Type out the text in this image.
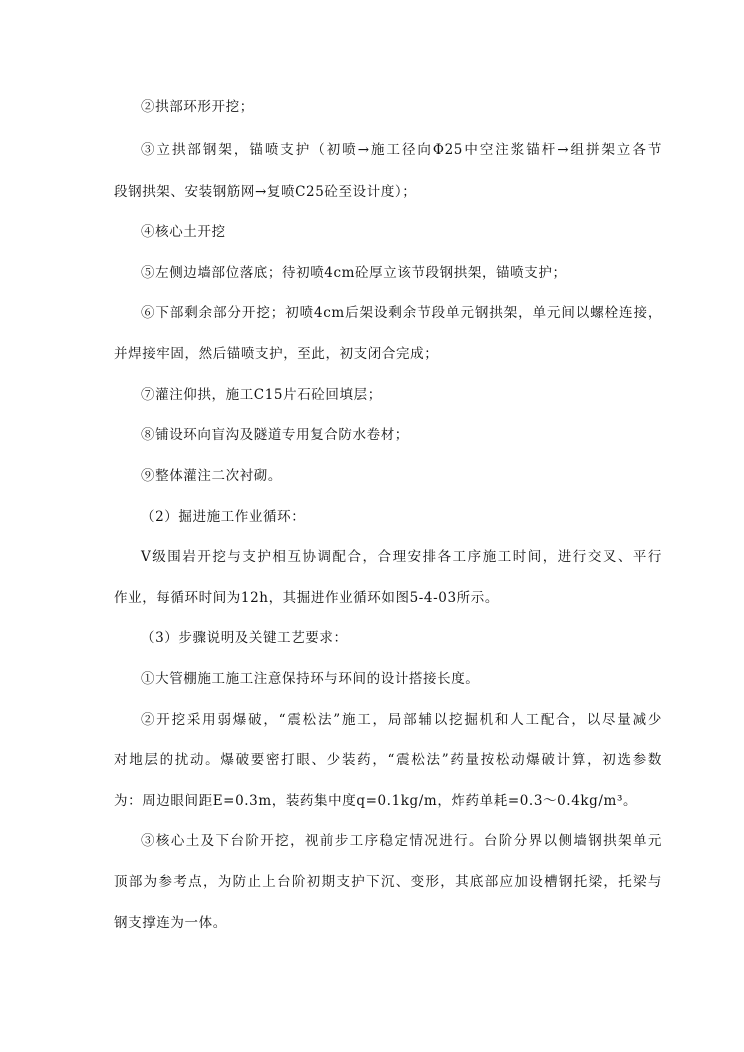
②拱部环形开挖；
③立拱部钢架，锚喷支护（初喷→施工径向Φ25中空注浆锚杆→组拼架立各节
段钢拱架、安装钢筋网→复喷C25砼至设计度）；
④核心土开挖
⑤左侧边墙部位落底；待初喷4cm砼厚立该节段钢拱架，锚喷支护；
⑥下部剩余部分开挖；初喷4cm后架设剩余节段单元钢拱架，单元间以螺栓连接，
并焊接牢固，然后锚喷支护，至此，初支闭合完成；
⑦灌注仰拱，施工C15片石砼回填层；
⑧铺设环向盲沟及隧道专用复合防水卷材；
⑨整体灌注二次衬砌。
（2）掘进施工作业循环：
Ⅴ级围岩开挖与支护相互协调配合，合理安排各工序施工时间，进行交叉、平行
作业，每循环时间为12h，其掘进作业循环如图5-4-03所示。
（3）步骤说明及关键工艺要求：
①大管棚施工施工注意保持环与环间的设计搭接长度。
②开挖采用弱爆破，“震松法”施工，局部辅以挖掘机和人工配合，以尽量减少
对地层的扰动。爆破要密打眼、少装药，“震松法”药量按松动爆破计算，初选参数
为：周边眼间距E=0.3m，装药集中度q=0.1kg/m，炸药单耗=0.3～0.4kg/m³。
③核心土及下台阶开挖，视前步工序稳定情况进行。台阶分界以侧墙钢拱架单元
顶部为参考点，为防止上台阶初期支护下沉、变形，其底部应加设槽钢托梁，托梁与
钢支撑连为一体。
